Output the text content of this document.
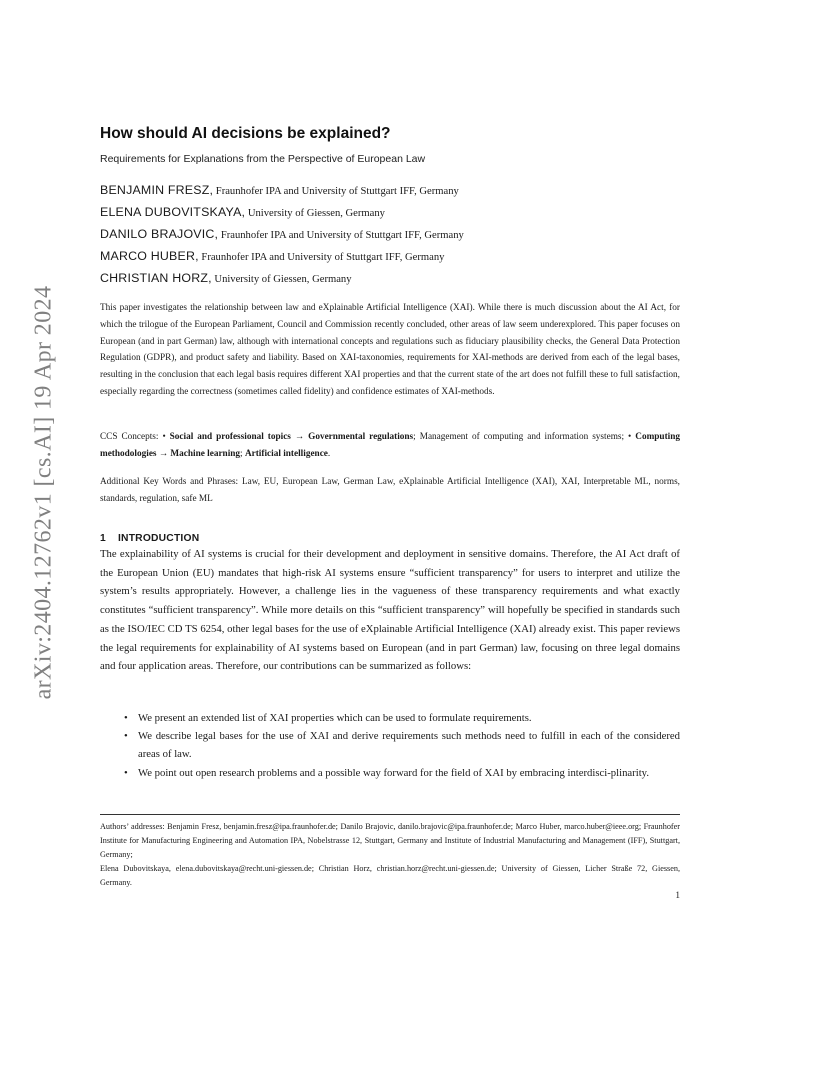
arXiv:2404.12762v1 [cs.AI] 19 Apr 2024
How should AI decisions be explained?

Requirements for Explanations from the Perspective of European Law

BENJAMIN FRESZ, Fraunhofer IPA and University of Stuttgart IFF, Germany
ELENA DUBOVITSKAYA, University of Giessen, Germany
DANILO BRAJOVIC, Fraunhofer IPA and University of Stuttgart IFF, Germany
MARCO HUBER, Fraunhofer IPA and University of Stuttgart IFF, Germany
CHRISTIAN HORZ, University of Giessen, Germany

This paper investigates the relationship between law and eXplainable Artificial Intelligence (XAI). While there is much discussion about the AI Act, for which the trilogue of the European Parliament, Council and Commission recently concluded, other areas of law seem underexplored. This paper focuses on European (and in part German) law, although with international concepts and regulations such as fiduciary plausibility checks, the General Data Protection Regulation (GDPR), and product safety and liability. Based on XAI-taxonomies, requirements for XAI-methods are derived from each of the legal bases, resulting in the conclusion that each legal basis requires different XAI properties and that the current state of the art does not fulfill these to full satisfaction, especially regarding the correctness (sometimes called fidelity) and confidence estimates of XAI-methods.

CCS Concepts: • Social and professional topics → Governmental regulations; Management of computing and information systems; • Computing methodologies → Machine learning; Artificial intelligence.

Additional Key Words and Phrases: Law, EU, European Law, German Law, eXplainable Artificial Intelligence (XAI), XAI, Interpretable ML, norms, standards, regulation, safe ML

1 INTRODUCTION

The explainability of AI systems is crucial for their development and deployment in sensitive domains. Therefore, the AI Act draft of the European Union (EU) mandates that high-risk AI systems ensure “sufficient transparency” for users to interpret and utilize the system’s results appropriately. However, a challenge lies in the vagueness of these transparency requirements and what exactly constitutes “sufficient transparency”. While more details on this “sufficient transparency” will hopefully be specified in standards such as the ISO/IEC CD TS 6254, other legal bases for the use of eXplainable Artificial Intelligence (XAI) already exist. This paper reviews the legal requirements for explainability of AI systems based on European (and in part German) law, focusing on three legal domains and four application areas. Therefore, our contributions can be summarized as follows:

• We present an extended list of XAI properties which can be used to formulate requirements.
• We describe legal bases for the use of XAI and derive requirements such methods need to fulfill in each of the considered areas of law.
• We point out open research problems and a possible way forward for the field of XAI by embracing interdisci-plinarity.

Authors’ addresses: Benjamin Fresz, benjamin.fresz@ipa.fraunhofer.de; Danilo Brajovic, danilo.brajovic@ipa.fraunhofer.de; Marco Huber, marco.huber@ieee.org; Fraunhofer Institute for Manufacturing Engineering and Automation IPA, Nobelstrasse 12, Stuttgart, Germany and Institute of Industrial Manufacturing and Management (IFF), Stuttgart, Germany;

Elena Dubovitskaya, elena.dubovitskaya@recht.uni-giessen.de; Christian Horz, christian.horz@recht.uni-giessen.de; University of Giessen, Licher Straße 72, Giessen, Germany.

1
